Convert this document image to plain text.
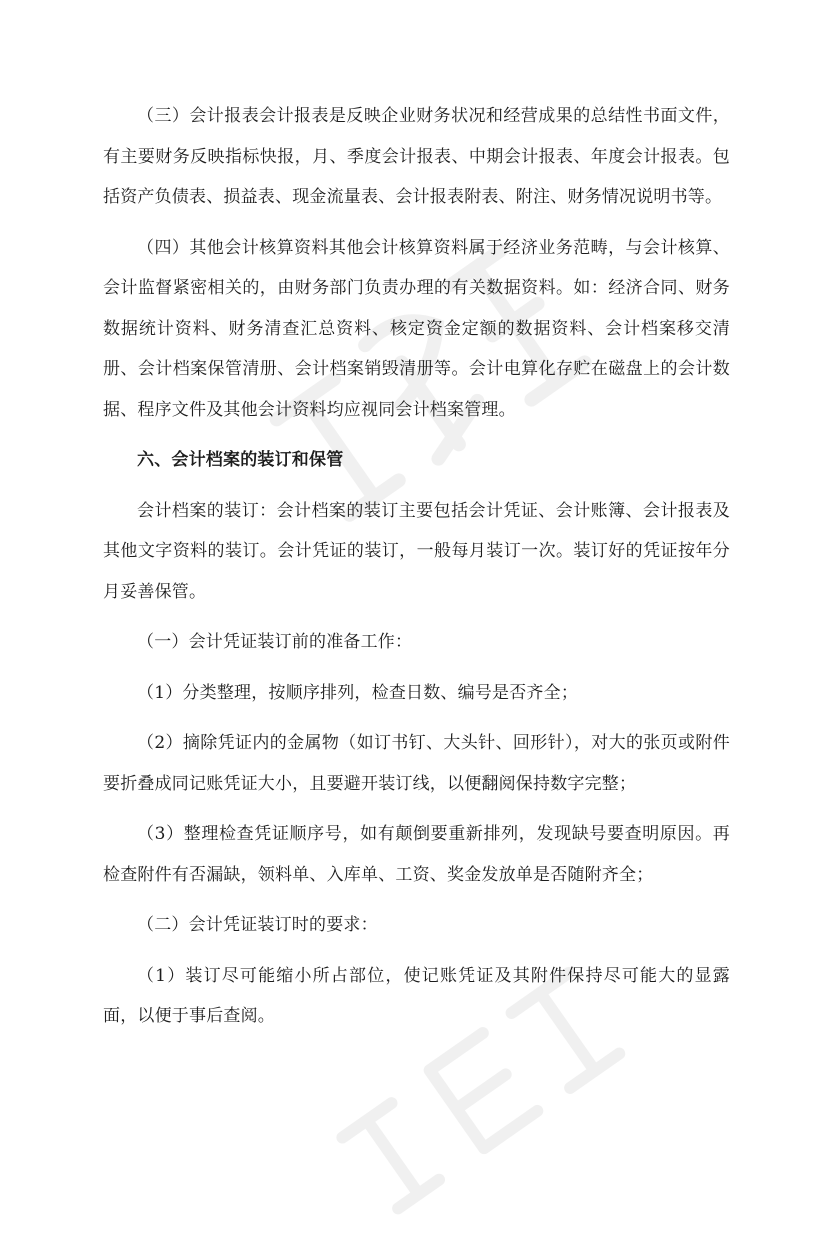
（三）会计报表会计报表是反映企业财务状况和经营成果的总结性书面文件，有主要财务反映指标快报，月、季度会计报表、中期会计报表、年度会计报表。包括资产负债表、损益表、现金流量表、会计报表附表、附注、财务情况说明书等。

（四）其他会计核算资料其他会计核算资料属于经济业务范畴，与会计核算、会计监督紧密相关的，由财务部门负责办理的有关数据资料。如：经济合同、财务数据统计资料、财务清查汇总资料、核定资金定额的数据资料、会计档案移交清册、会计档案保管清册、会计档案销毁清册等。会计电算化存贮在磁盘上的会计数据、程序文件及其他会计资料均应视同会计档案管理。

六、会计档案的装订和保管

会计档案的装订：会计档案的装订主要包括会计凭证、会计账簿、会计报表及其他文字资料的装订。会计凭证的装订，一般每月装订一次。装订好的凭证按年分月妥善保管。

（一）会计凭证装订前的准备工作：

（1）分类整理，按顺序排列，检查日数、编号是否齐全；

（2）摘除凭证内的金属物（如订书钉、大头针、回形针），对大的张页或附件要折叠成同记账凭证大小，且要避开装订线，以便翻阅保持数字完整；

（3）整理检查凭证顺序号，如有颠倒要重新排列，发现缺号要查明原因。再检查附件有否漏缺，领料单、入库单、工资、奖金发放单是否随附齐全；

（二）会计凭证装订时的要求：

（1）装订尽可能缩小所占部位，使记账凭证及其附件保持尽可能大的显露面，以便于事后查阅。
